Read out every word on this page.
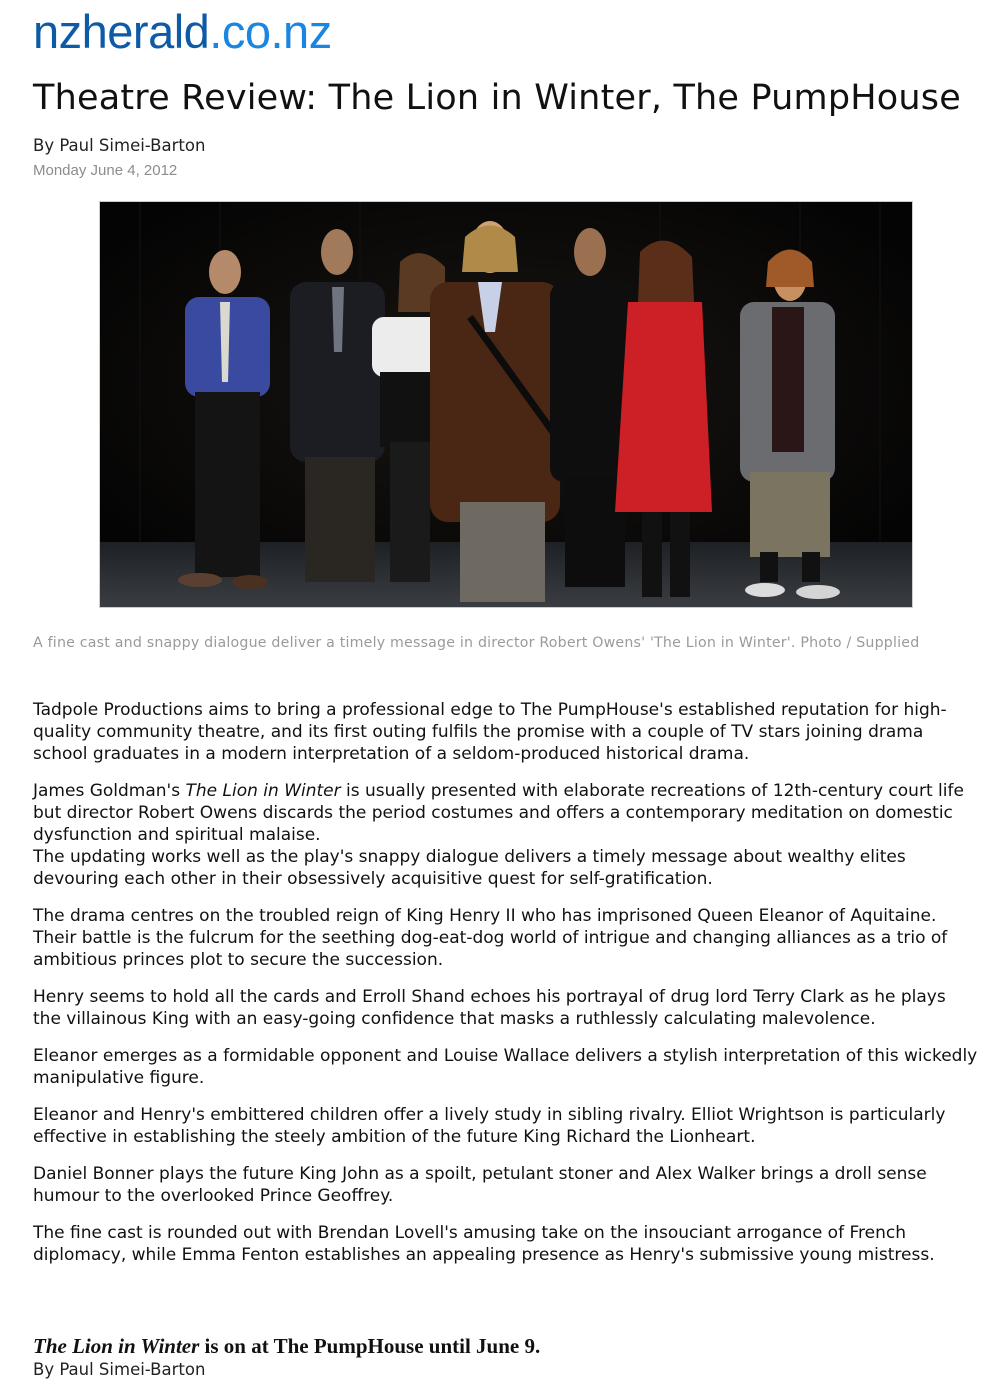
nzherald.co.nz
Theatre Review: The Lion in Winter, The PumpHouse
By Paul Simei-Barton
Monday June 4, 2012
A fine cast and snappy dialogue deliver a timely message in director Robert Owens' 'The Lion in Winter'. Photo / Supplied

Tadpole Productions aims to bring a professional edge to The PumpHouse's established reputation for high-quality community theatre, and its first outing fulfils the promise with a couple of TV stars joining drama school graduates in a modern interpretation of a seldom-produced historical drama.

James Goldman's The Lion in Winter is usually presented with elaborate recreations of 12th-century court life but director Robert Owens discards the period costumes and offers a contemporary meditation on domestic dysfunction and spiritual malaise.

The updating works well as the play's snappy dialogue delivers a timely message about wealthy elites devouring each other in their obsessively acquisitive quest for self-gratification.

The drama centres on the troubled reign of King Henry II who has imprisoned Queen Eleanor of Aquitaine. Their battle is the fulcrum for the seething dog-eat-dog world of intrigue and changing alliances as a trio of ambitious princes plot to secure the succession.

Henry seems to hold all the cards and Erroll Shand echoes his portrayal of drug lord Terry Clark as he plays the villainous King with an easy-going confidence that masks a ruthlessly calculating malevolence.

Eleanor emerges as a formidable opponent and Louise Wallace delivers a stylish interpretation of this wickedly manipulative figure.

Eleanor and Henry's embittered children offer a lively study in sibling rivalry. Elliot Wrightson is particularly effective in establishing the steely ambition of the future King Richard the Lionheart.

Daniel Bonner plays the future King John as a spoilt, petulant stoner and Alex Walker brings a droll sense humour to the overlooked Prince Geoffrey.

The fine cast is rounded out with Brendan Lovell's amusing take on the insouciant arrogance of French diplomacy, while Emma Fenton establishes an appealing presence as Henry's submissive young mistress.

The Lion in Winter is on at The PumpHouse until June 9.
By Paul Simei-Barton
